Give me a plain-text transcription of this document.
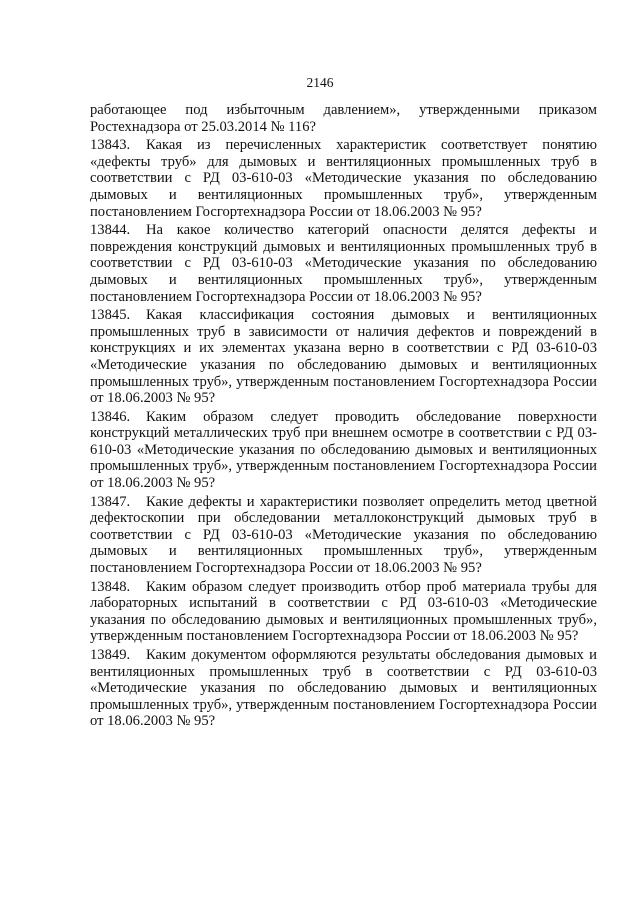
2146

работающее под избыточным давлением», утвержденными приказом Ростехнадзора от 25.03.2014 № 116?

13843. Какая из перечисленных характеристик соответствует понятию «дефекты труб» для дымовых и вентиляционных промышленных труб в соответствии с РД 03-610-03 «Методические указания по обследованию дымовых и вентиляционных промышленных труб», утвержденным постановлением Госгортехнадзора России от 18.06.2003 № 95?

13844. На какое количество категорий опасности делятся дефекты и повреждения конструкций дымовых и вентиляционных промышленных труб в соответствии с РД 03-610-03 «Методические указания по обследованию дымовых и вентиляционных промышленных труб», утвержденным постановлением Госгортехнадзора России от 18.06.2003 № 95?

13845. Какая классификация состояния дымовых и вентиляционных промышленных труб в зависимости от наличия дефектов и повреждений в конструкциях и их элементах указана верно в соответствии с РД 03-610-03 «Методические указания по обследованию дымовых и вентиляционных промышленных труб», утвержденным постановлением Госгортехнадзора России от 18.06.2003 № 95?

13846. Каким образом следует проводить обследование поверхности конструкций металлических труб при внешнем осмотре в соответствии с РД 03-610-03 «Методические указания по обследованию дымовых и вентиляционных промышленных труб», утвержденным постановлением Госгортехнадзора России от 18.06.2003 № 95?

13847. Какие дефекты и характеристики позволяет определить метод цветной дефектоскопии при обследовании металлоконструкций дымовых труб в соответствии с РД 03-610-03 «Методические указания по обследованию дымовых и вентиляционных промышленных труб», утвержденным постановлением Госгортехнадзора России от 18.06.2003 № 95?

13848. Каким образом следует производить отбор проб материала трубы для лабораторных испытаний в соответствии с РД 03-610-03 «Методические указания по обследованию дымовых и вентиляционных промышленных труб», утвержденным постановлением Госгортехнадзора России от 18.06.2003 № 95?

13849. Каким документом оформляются результаты обследования дымовых и вентиляционных промышленных труб в соответствии с РД 03-610-03 «Методические указания по обследованию дымовых и вентиляционных промышленных труб», утвержденным постановлением Госгортехнадзора России от 18.06.2003 № 95?
